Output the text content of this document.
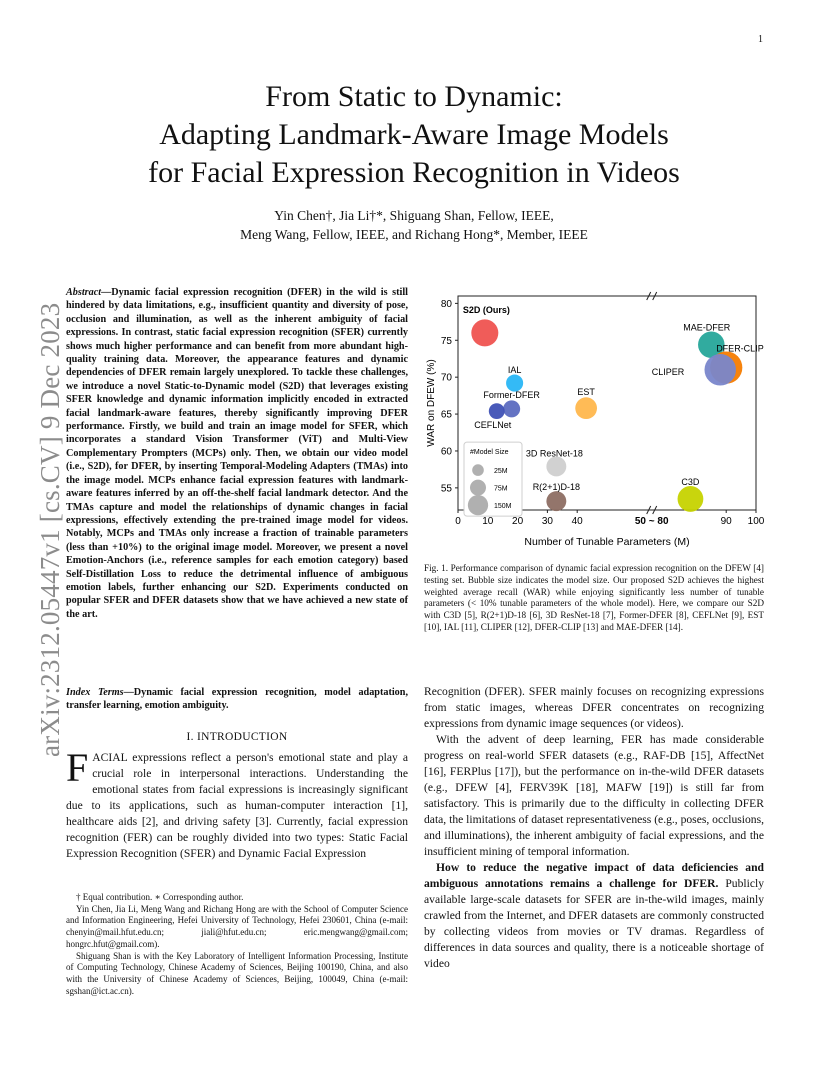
1
arXiv:2312.05447v1 [cs.CV] 9 Dec 2023
From Static to Dynamic:
Adapting Landmark-Aware Image Models
for Facial Expression Recognition in Videos
Yin Chen†, Jia Li†*, Shiguang Shan, Fellow, IEEE,
Meng Wang, Fellow, IEEE, and Richang Hong*, Member, IEEE
Abstract—Dynamic facial expression recognition (DFER) in the wild is still hindered by data limitations, e.g., insufficient quantity and diversity of pose, occlusion and illumination, as well as the inherent ambiguity of facial expressions. In contrast, static facial expression recognition (SFER) currently shows much higher performance and can benefit from more abundant high-quality training data. Moreover, the appearance features and dynamic dependencies of DFER remain largely unexplored. To tackle these challenges, we introduce a novel Static-to-Dynamic model (S2D) that leverages existing SFER knowledge and dynamic information implicitly encoded in extracted facial landmark-aware features, thereby significantly improving DFER performance. Firstly, we build and train an image model for SFER, which incorporates a standard Vision Transformer (ViT) and Multi-View Complementary Prompters (MCPs) only. Then, we obtain our video model (i.e., S2D), for DFER, by inserting Temporal-Modeling Adapters (TMAs) into the image model. MCPs enhance facial expression features with landmark-aware features inferred by an off-the-shelf facial landmark detector. And the TMAs capture and model the relationships of dynamic changes in facial expressions, effectively extending the pre-trained image model for videos. Notably, MCPs and TMAs only increase a fraction of trainable parameters (less than +10%) to the original image model. Moreover, we present a novel Emotion-Anchors (i.e., reference samples for each emotion category) based Self-Distillation Loss to reduce the detrimental influence of ambiguous emotion labels, further enhancing our S2D. Experiments conducted on popular SFER and DFER datasets show that we have achieved a new state of the art.
Index Terms—Dynamic facial expression recognition, model adaptation, transfer learning, emotion ambiguity.
I. INTRODUCTION
FACIAL expressions reflect a person's emotional state and play a crucial role in interpersonal interactions. Understanding the emotional states from facial expressions is increasingly significant due to its applications, such as human-computer interaction [1], healthcare aids [2], and driving safety [3]. Currently, facial expression recognition (FER) can be roughly divided into two types: Static Facial Expression Recognition (SFER) and Dynamic Facial Expression

† Equal contribution. ∗ Corresponding author.

Yin Chen, Jia Li, Meng Wang and Richang Hong are with the School of Computer Science and Information Engineering, Hefei University of Technology, Hefei 230601, China (e-mail: chenyin@mail.hfut.edu.cn; jiali@hfut.edu.cn; eric.mengwang@gmail.com; hongrc.hfut@gmail.com).

Shiguang Shan is with the Key Laboratory of Intelligent Information Processing, Institute of Computing Technology, Chinese Academy of Sciences, Beijing 100190, China, and also with the University of Chinese Academy of Sciences, Beijing, 100049, China (e-mail: sgshan@ict.ac.cn).

55
60
65
70
75
80
0 10 20 30 40	90 100
50 ~ 80
Number of Tunable Parameters (M)
WAR on DFEW (%)
#Model Size
25M
75M
150M
S2D (Ours)
MAE-DFER
DFER-CLIP
CLIPER
IAL
Former-DFER
CEFLNet
EST
3D ResNet-18
R(2+1)D-18
C3D
Fig. 1. Performance comparison of dynamic facial expression recognition on the DFEW [4] testing set. Bubble size indicates the model size. Our proposed S2D achieves the highest weighted average recall (WAR) while enjoying significantly less number of tunable parameters (< 10% tunable parameters of the whole model). Here, we compare our S2D with C3D [5], R(2+1)D-18 [6], 3D ResNet-18 [7], Former-DFER [8], CEFLNet [9], EST [10], IAL [11], CLIPER [12], DFER-CLIP [13] and MAE-DFER [14].

Recognition (DFER). SFER mainly focuses on recognizing expressions from static images, whereas DFER concentrates on recognizing expressions from dynamic image sequences (or videos).

With the advent of deep learning, FER has made considerable progress on real-world SFER datasets (e.g., RAF-DB [15], AffectNet [16], FERPlus [17]), but the performance on in-the-wild DFER datasets (e.g., DFEW [4], FERV39K [18], MAFW [19]) is still far from satisfactory. This is primarily due to the difficulty in collecting DFER data, the limitations of dataset representativeness (e.g., poses, occlusions, and illuminations), the inherent ambiguity of facial expressions, and the insufficient mining of temporal information.

How to reduce the negative impact of data deficiencies and ambiguous annotations remains a challenge for DFER. Publicly available large-scale datasets for SFER are in-the-wild images, mainly crawled from the Internet, and DFER datasets are commonly constructed by collecting videos from movies or TV dramas. Regardless of differences in data sources and quality, there is a noticeable shortage of video
